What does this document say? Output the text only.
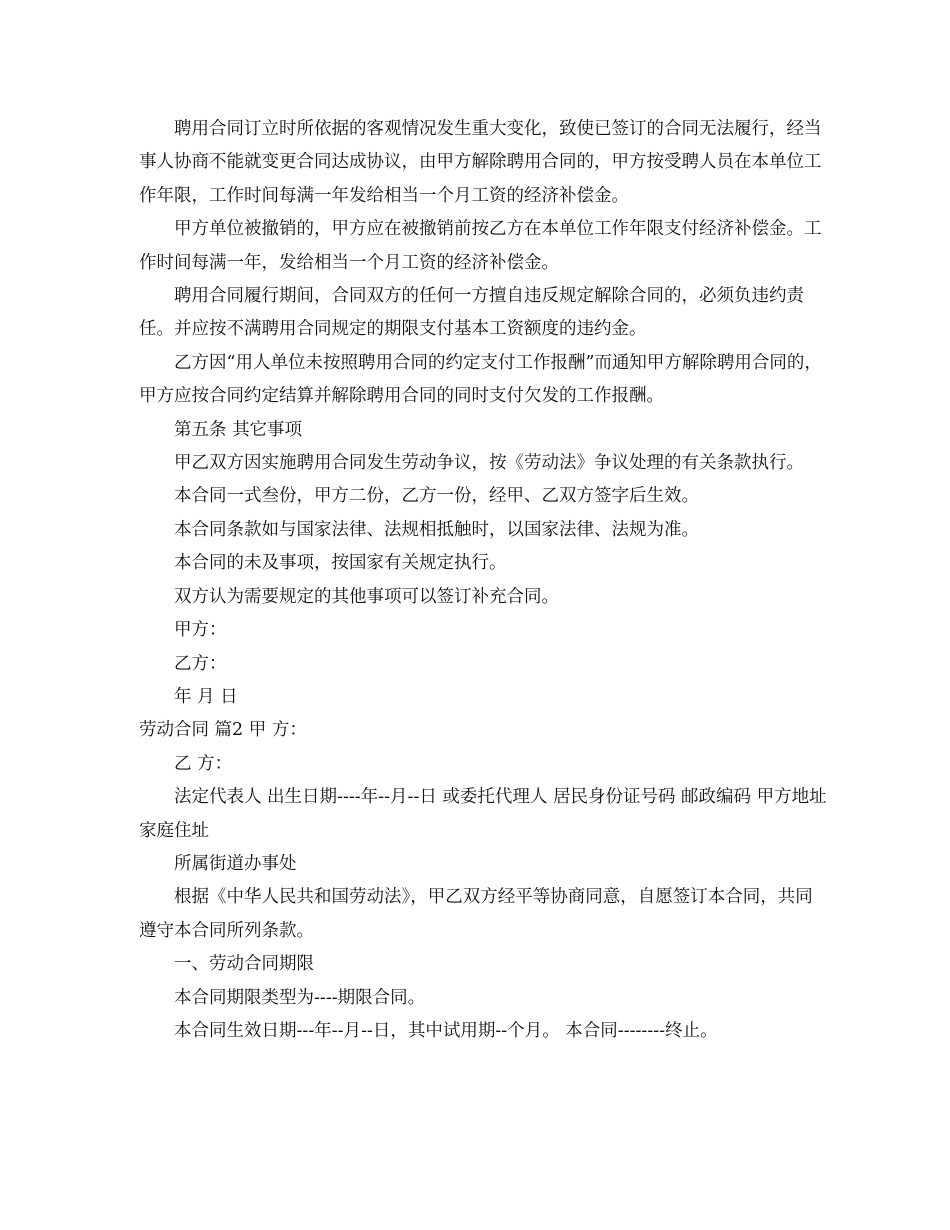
聘用合同订立时所依据的客观情况发生重大变化，致使已签订的合同无法履行，经当事人协商不能就变更合同达成协议，由甲方解除聘用合同的，甲方按受聘人员在本单位工作年限，工作时间每满一年发给相当一个月工资的经济补偿金。

甲方单位被撤销的，甲方应在被撤销前按乙方在本单位工作年限支付经济补偿金。工作时间每满一年，发给相当一个月工资的经济补偿金。

聘用合同履行期间，合同双方的任何一方擅自违反规定解除合同的，必须负违约责任。并应按不满聘用合同规定的期限支付基本工资额度的违约金。

乙方因“用人单位未按照聘用合同的约定支付工作报酬”而通知甲方解除聘用合同的，甲方应按合同约定结算并解除聘用合同的同时支付欠发的工作报酬。

第五条 其它事项

甲乙双方因实施聘用合同发生劳动争议，按《劳动法》争议处理的有关条款执行。

本合同一式叁份，甲方二份，乙方一份，经甲、乙双方签字后生效。

本合同条款如与国家法律、法规相抵触时，以国家法律、法规为准。

本合同的未及事项，按国家有关规定执行。

双方认为需要规定的其他事项可以签订补充合同。

甲方：

乙方：

年 月 日

劳动合同 篇2 甲 方：

乙 方：

法定代表人 出生日期----年--月--日 或委托代理人 居民身份证号码 邮政编码 甲方地址 家庭住址

所属街道办事处

根据《中华人民共和国劳动法》，甲乙双方经平等协商同意，自愿签订本合同，共同遵守本合同所列条款。

一、劳动合同期限

本合同期限类型为----期限合同。

本合同生效日期---年--月--日，其中试用期--个月。 本合同--------终止。
